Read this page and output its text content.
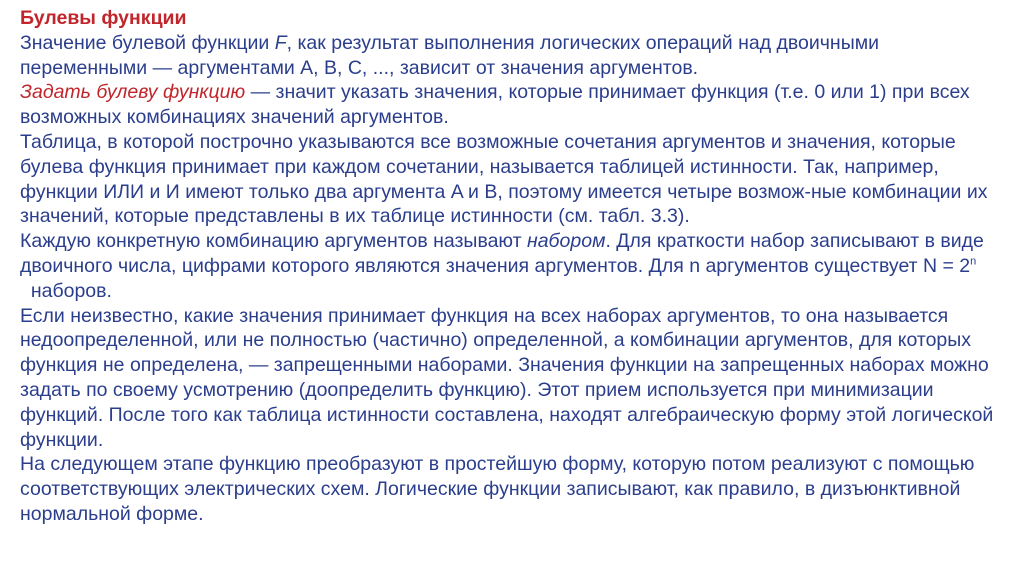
Булевы функции
Значение булевой функции F, как результат выполнения логических операций над двоичными переменными — аргументами A, B, C, ..., зависит от значения аргументов.
Задать булеву функцию — значит указать значения, которые принимает функция (т.е. 0 или 1) при всех возможных комбинациях значений аргументов.
Таблица, в которой построчно указываются все возможные сочетания аргументов и значения, которые булева функция принимает при каждом сочетании, называется таблицей истинности. Так, например, функции ИЛИ и И имеют только два аргумента A и B, поэтому имеется четыре возмож-ные комбинации их значений, которые представлены в их таблице истинности (см. табл. 3.3).
Каждую конкретную комбинацию аргументов называют набором. Для краткости набор записывают в виде двоичного числа, цифрами которого являются значения аргументов. Для n аргументов существует $N = 2^n$  наборов.
Если неизвестно, какие значения принимает функция на всех наборах аргументов, то она называется недоопределенной, или не полностью (частично) определенной, а комбинации аргументов, для которых функция не определена, — запрещенными наборами. Значения функции на запрещенных наборах можно задать по своему усмотрению (доопределить функцию). Этот прием используется при минимизации функций. После того как таблица истинности составлена, находят алгебраическую форму этой логической функции.
На следующем этапе функцию преобразуют в простейшую форму, которую потом реализуют с помощью соответствующих электрических схем. Логические функции записывают, как правило, в дизъюнктивной нормальной форме.
